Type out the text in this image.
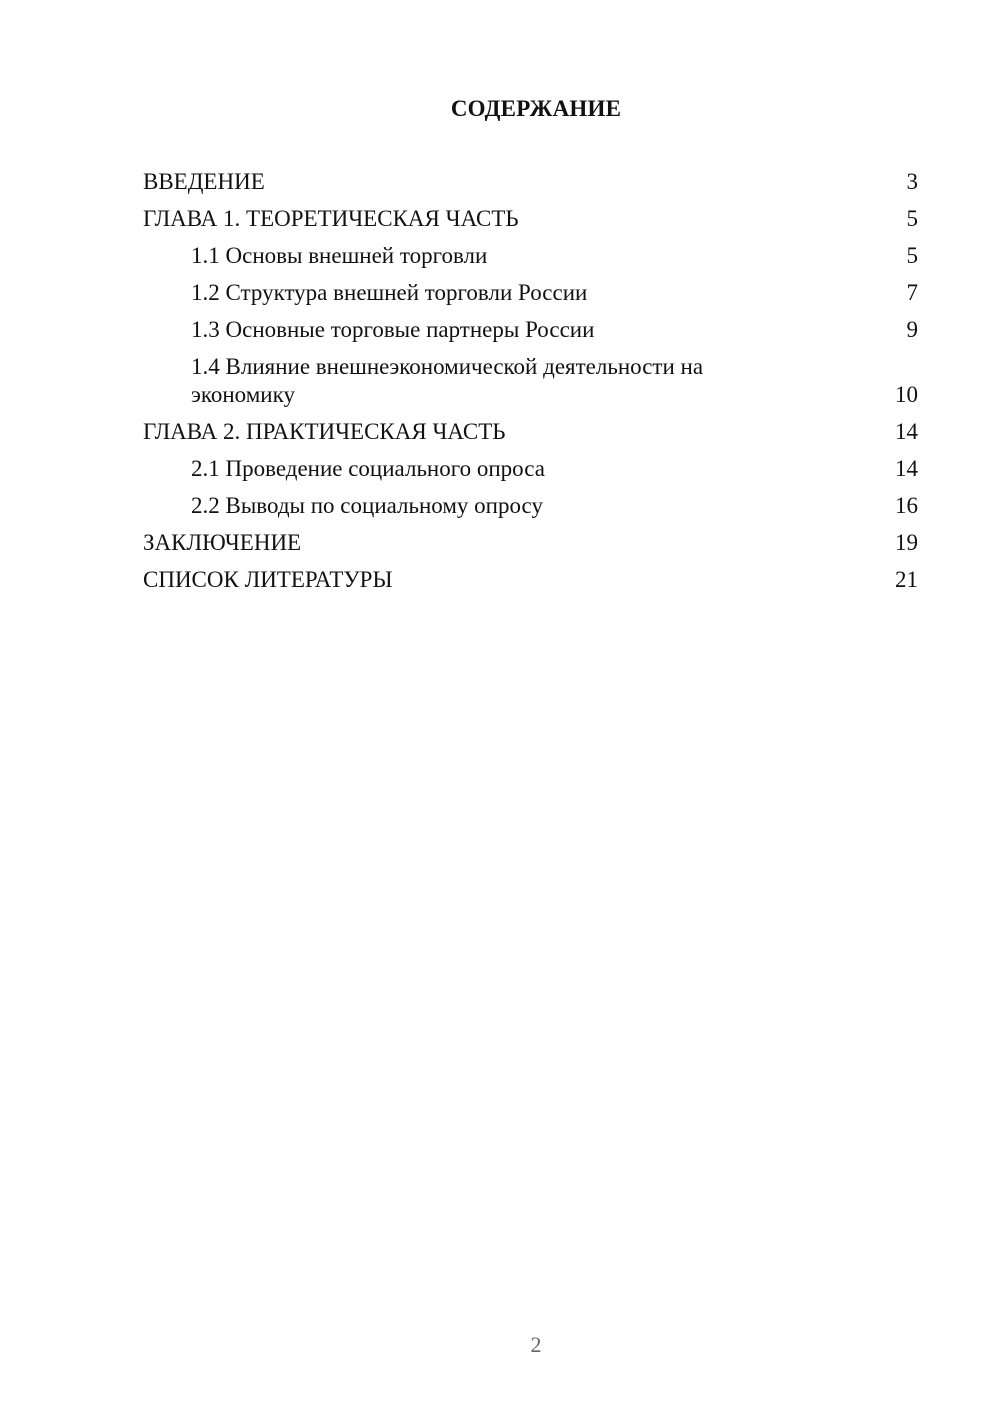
СОДЕРЖАНИЕ
ВВЕДЕНИЕ	3
ГЛАВА 1. ТЕОРЕТИЧЕСКАЯ ЧАСТЬ	5
1.1 Основы внешней торговли	5
1.2 Структура внешней торговли России	7
1.3 Основные торговые партнеры России	9
1.4 Влияние внешнеэкономической деятельности на экономику	10
ГЛАВА 2. ПРАКТИЧЕСКАЯ ЧАСТЬ	14
2.1 Проведение социального опроса	14
2.2 Выводы по социальному опросу	16
ЗАКЛЮЧЕНИЕ	19
СПИСОК ЛИТЕРАТУРЫ	21
2
